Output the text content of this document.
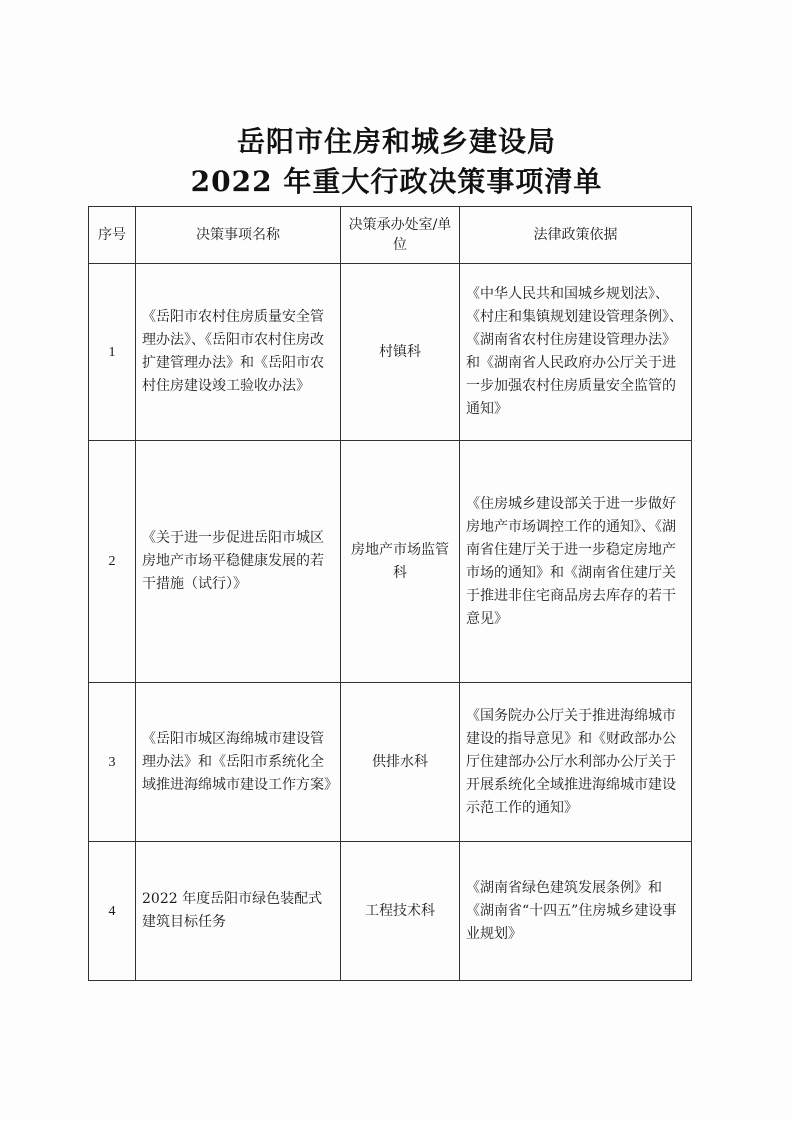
岳阳市住房和城乡建设局
2022 年重大行政决策事项清单
序号	决策事项名称	决策承办处室/单位	法律政策依据
1	《岳阳市农村住房质量安全管理办法》、《岳阳市农村住房改扩建管理办法》和《岳阳市农村住房建设竣工验收办法》	村镇科	《中华人民共和国城乡规划法》、《村庄和集镇规划建设管理条例》、《湖南省农村住房建设管理办法》和《湖南省人民政府办公厅关于进一步加强农村住房质量安全监管的通知》
2	《关于进一步促进岳阳市城区房地产市场平稳健康发展的若干措施（试行）》	房地产市场监管科	《住房城乡建设部关于进一步做好房地产市场调控工作的通知》、《湖南省住建厅关于进一步稳定房地产市场的通知》和《湖南省住建厅关于推进非住宅商品房去库存的若干意见》
3	《岳阳市城区海绵城市建设管理办法》和《岳阳市系统化全域推进海绵城市建设工作方案》	供排水科	《国务院办公厅关于推进海绵城市建设的指导意见》和《财政部办公厅住建部办公厅水利部办公厅关于开展系统化全域推进海绵城市建设示范工作的通知》
4	2022 年度岳阳市绿色装配式建筑目标任务	工程技术科	《湖南省绿色建筑发展条例》和《湖南省“十四五”住房城乡建设事业规划》
